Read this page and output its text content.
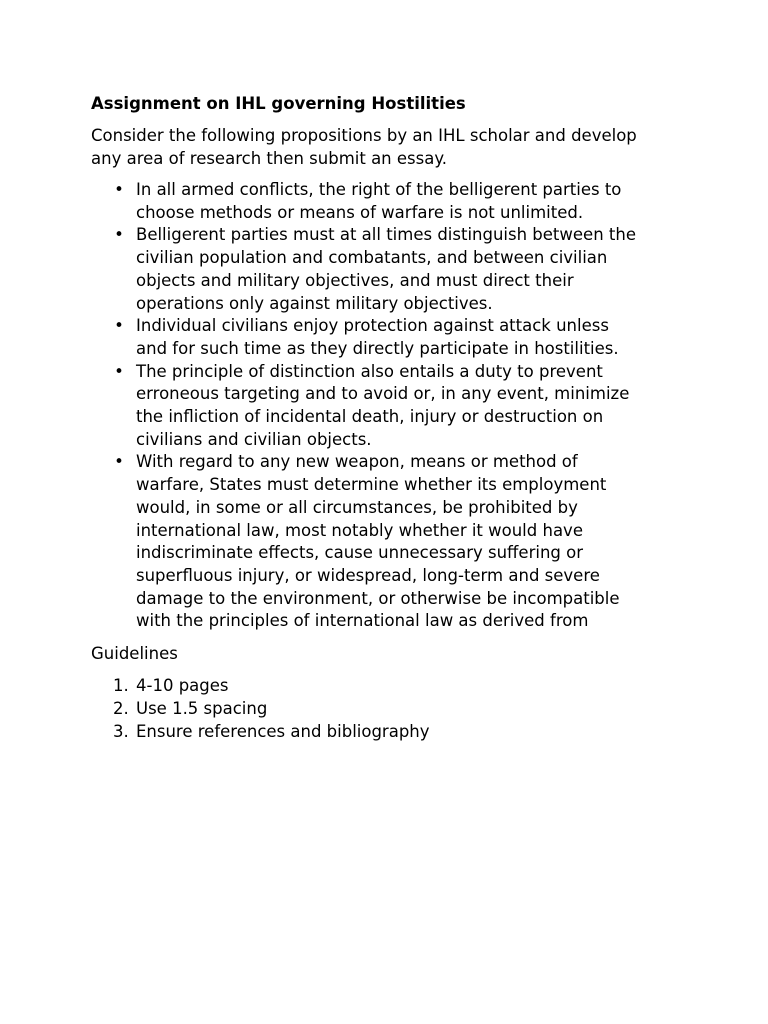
Assignment on IHL governing Hostilities
Consider the following propositions by an IHL scholar and develop
any area of research then submit an essay.
• In all armed conflicts, the right of the belligerent parties to
choose methods or means of warfare is not unlimited.
• Belligerent parties must at all times distinguish between the
civilian population and combatants, and between civilian
objects and military objectives, and must direct their
operations only against military objectives.
• Individual civilians enjoy protection against attack unless
and for such time as they directly participate in hostilities.
• The principle of distinction also entails a duty to prevent
erroneous targeting and to avoid or, in any event, minimize
the infliction of incidental death, injury or destruction on
civilians and civilian objects.
• With regard to any new weapon, means or method of
warfare, States must determine whether its employment
would, in some or all circumstances, be prohibited by
international law, most notably whether it would have
indiscriminate effects, cause unnecessary suffering or
superfluous injury, or widespread, long-term and severe
damage to the environment, or otherwise be incompatible
with the principles of international law as derived from
Guidelines
1. 4-10 pages
2. Use 1.5 spacing
3. Ensure references and bibliography
